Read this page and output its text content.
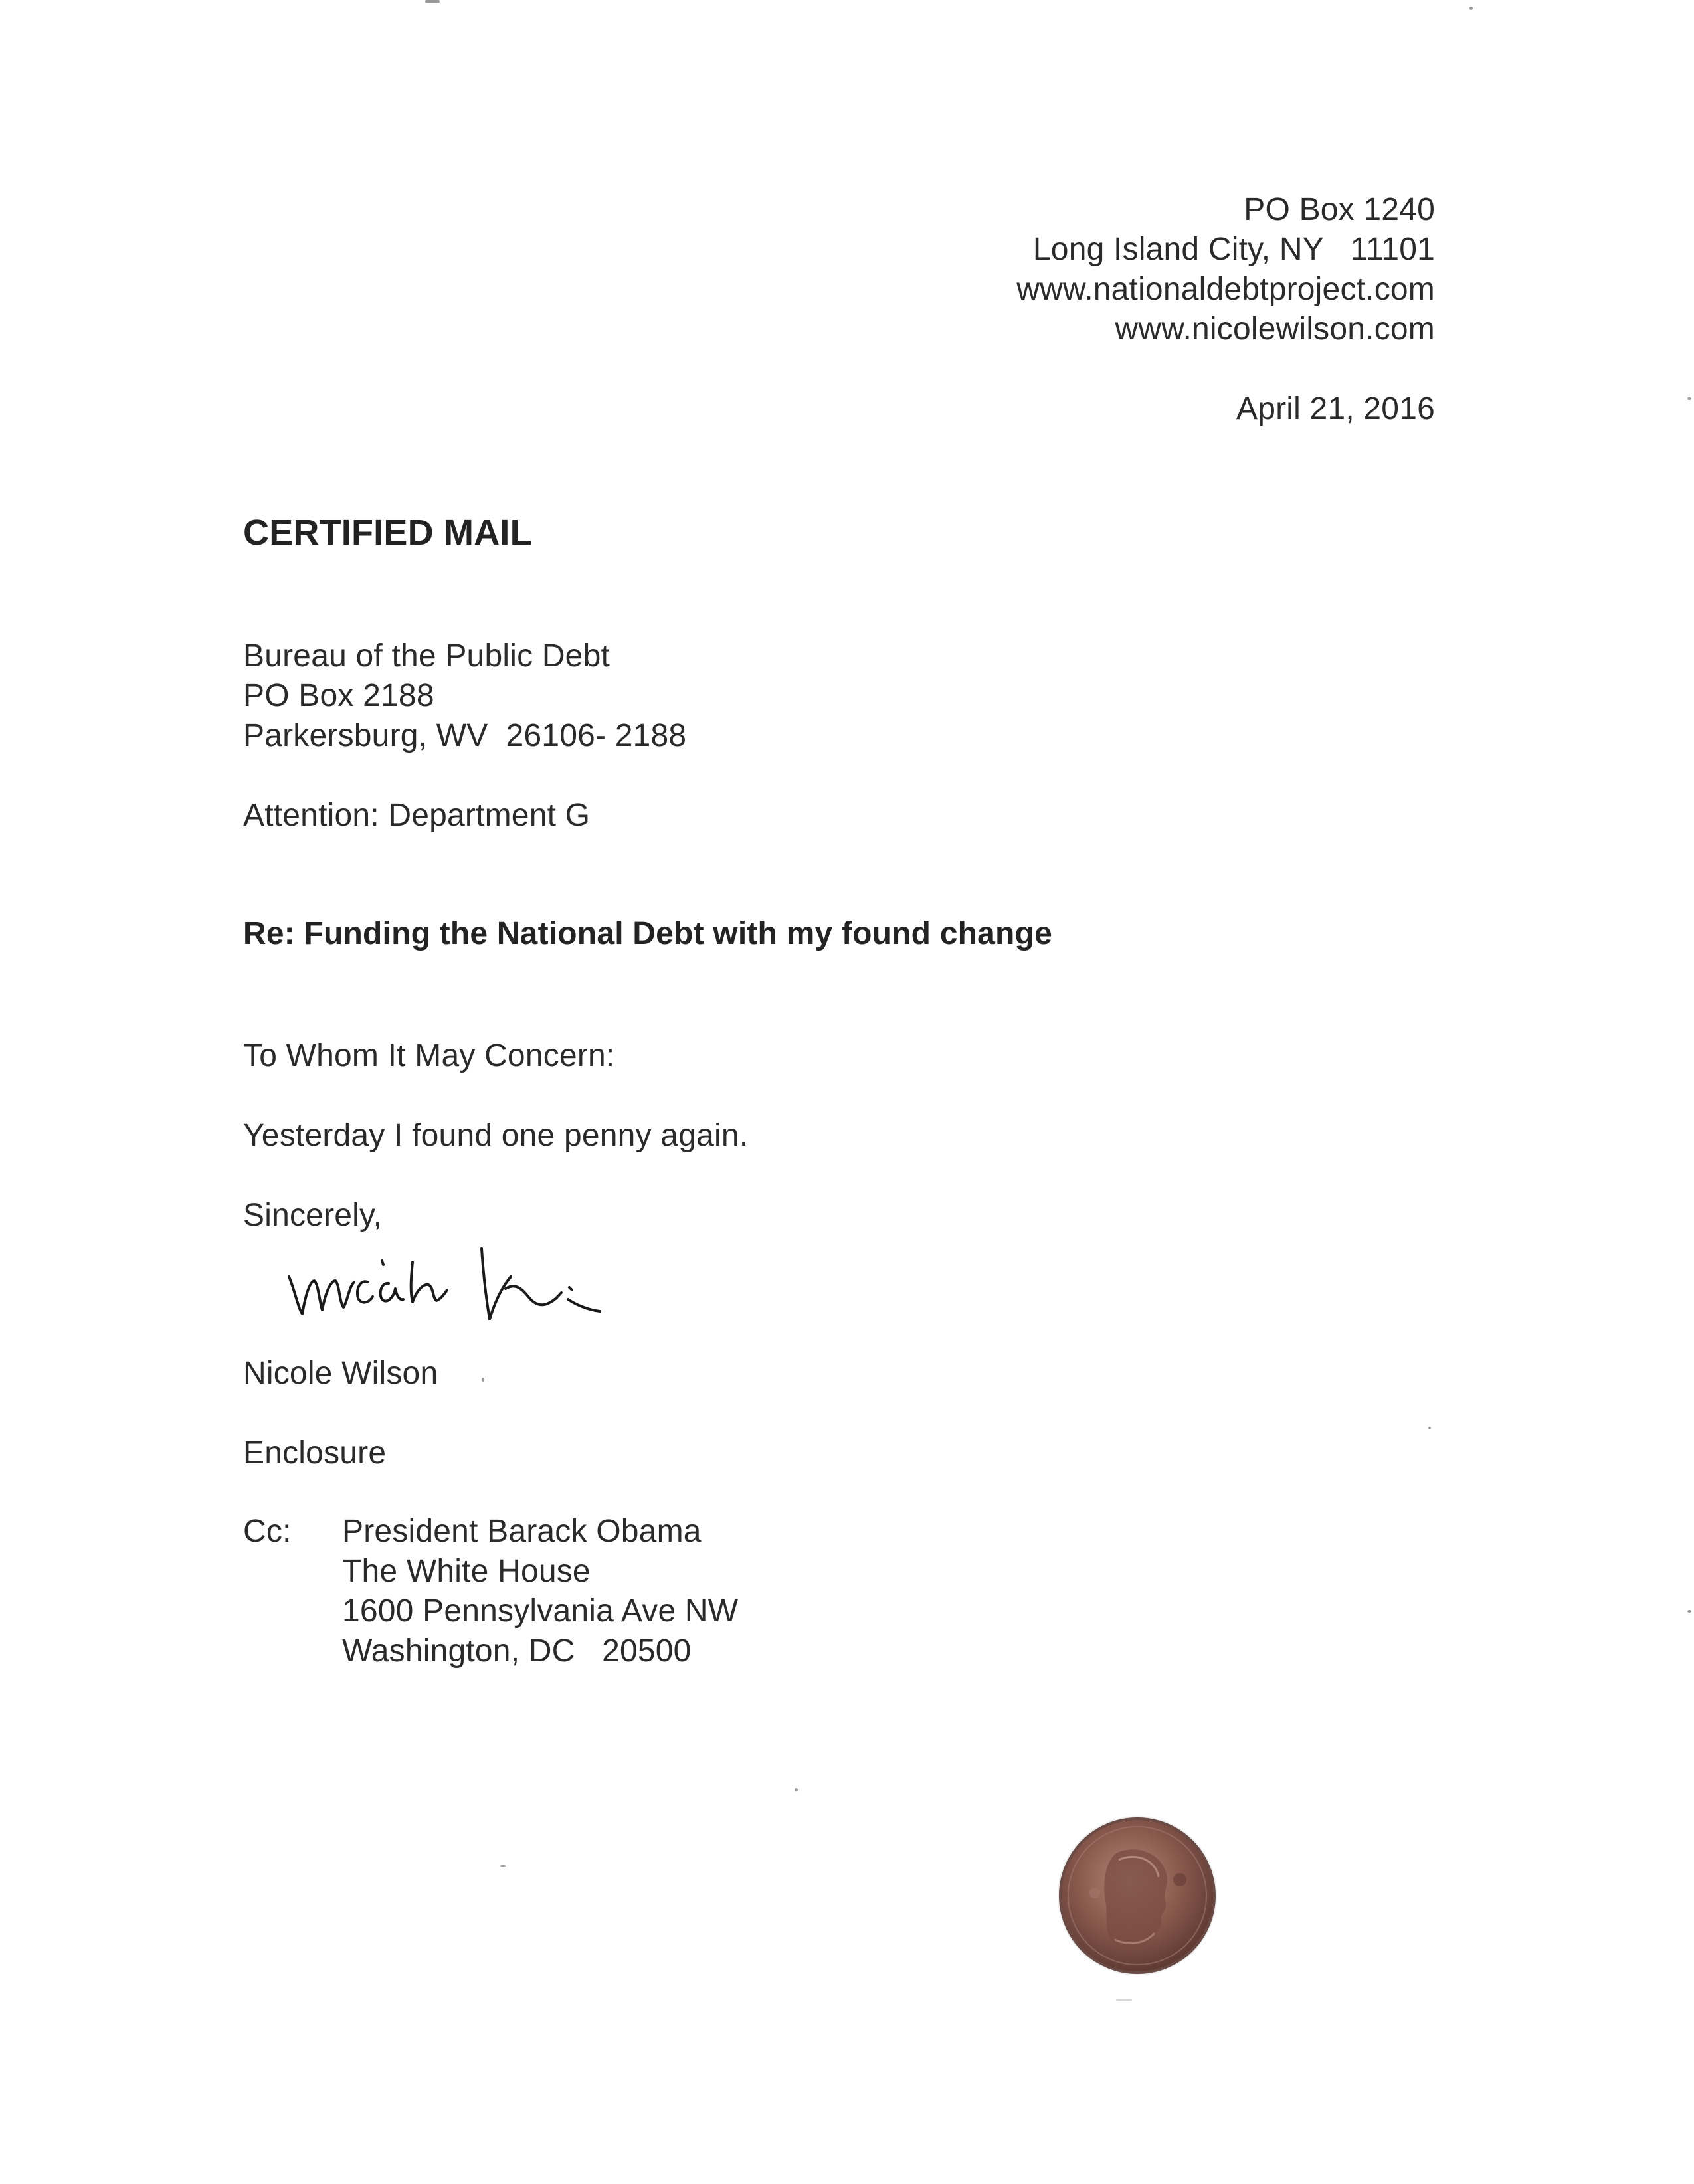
PO Box 1240
Long Island City, NY   11101
www.nationaldebtproject.com
www.nicolewilson.com
April 21, 2016
CERTIFIED MAIL
Bureau of the Public Debt
PO Box 2188
Parkersburg, WV  26106- 2188
Attention: Department G
Re: Funding the National Debt with my found change
To Whom It May Concern:
Yesterday I found one penny again.
Sincerely,
Nicole Wilson
Enclosure
Cc: President Barack Obama
The White House
1600 Pennsylvania Ave NW
Washington, DC   20500
